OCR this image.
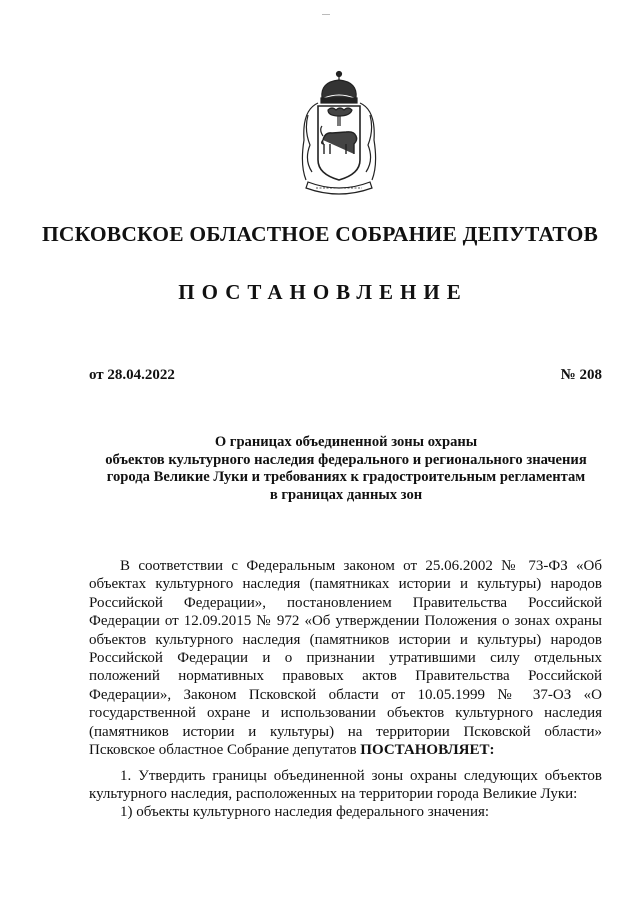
ПСКОВСКОЕ ОБЛАСТНОЕ СОБРАНИЕ ДЕПУТАТОВ
ПОСТАНОВЛЕНИЕ
от 28.04.2022	№ 208
О границах объединенной зоны охраны
объектов культурного наследия федерального и регионального значения
города Великие Луки и требованиях к градостроительным регламентам
в границах данных зон

В соответствии с Федеральным законом от 25.06.2002 № 73-ФЗ «Об объектах культурного наследия (памятниках истории и культуры) народов Российской Федерации», постановлением Правительства Российской Федерации от 12.09.2015 № 972 «Об утверждении Положения о зонах охраны объектов культурного наследия (памятников истории и культуры) народов Российской Федерации и о признании утратившими силу отдельных положений нормативных правовых актов Правительства Российской Федерации», Законом Псковской области от 10.05.1999 № 37-ОЗ «О государственной охране и использовании объектов культурного наследия (памятников истории и культуры) на территории Псковской области» Псковское областное Собрание депутатов ПОСТАНОВЛЯЕТ:

1. Утвердить границы объединенной зоны охраны следующих объектов культурного наследия, расположенных на территории города Великие Луки:

1) объекты культурного наследия федерального значения:
